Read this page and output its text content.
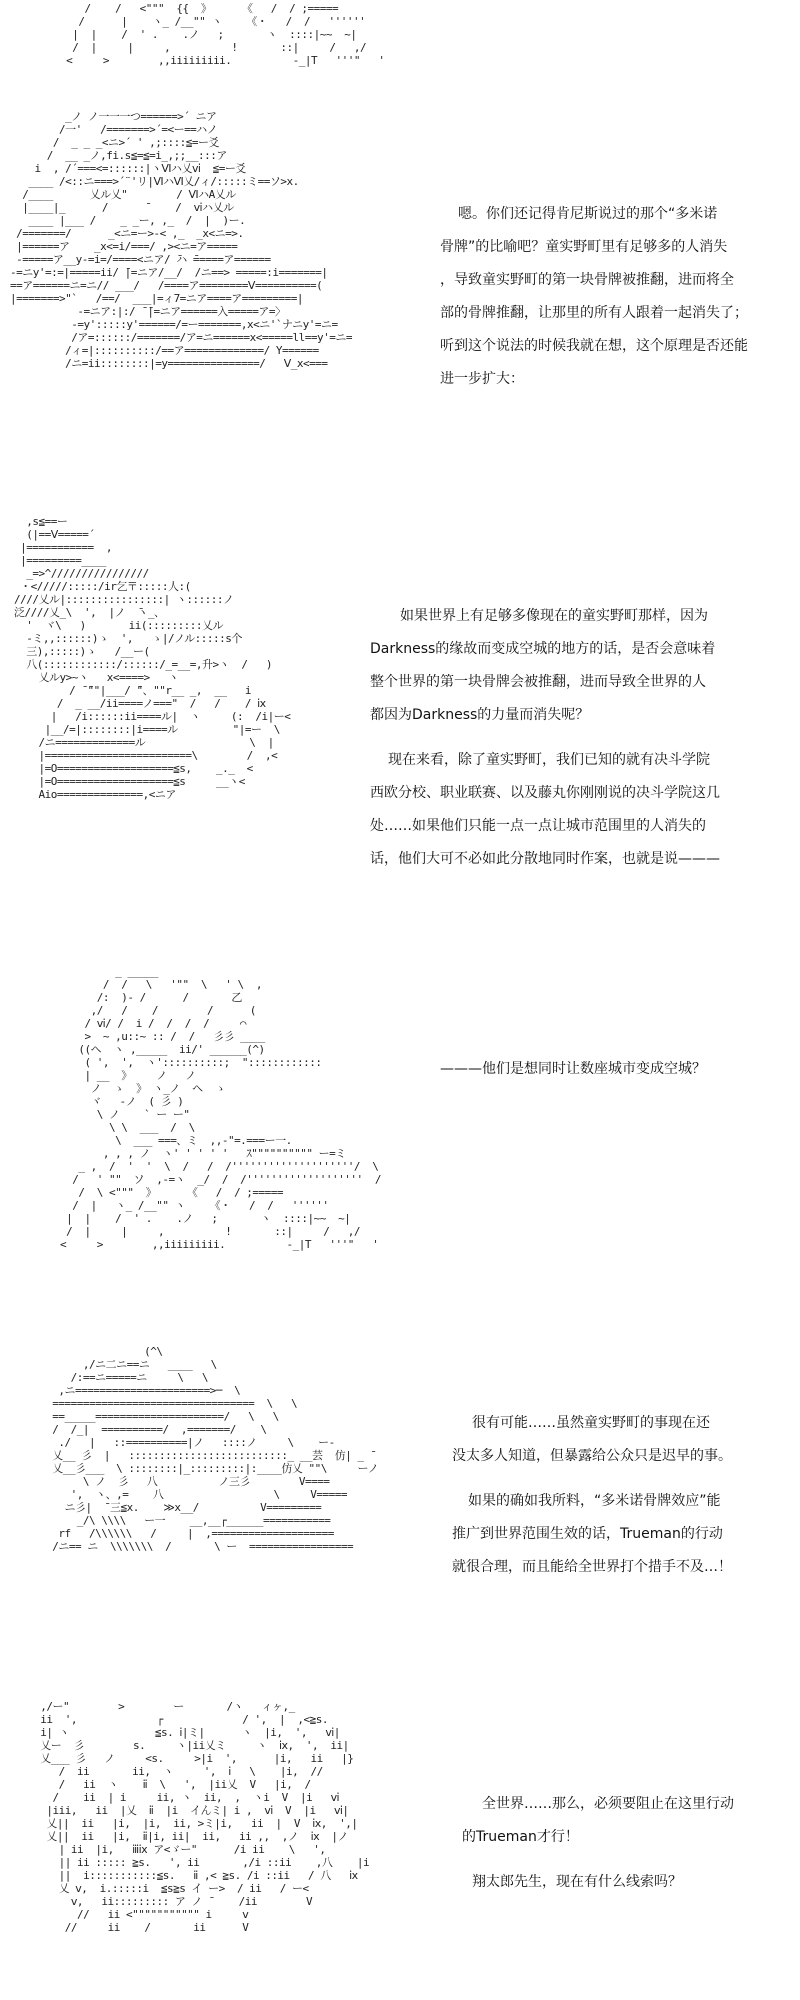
/    /   <"""  {{  》     《   /  / ;=====
/      |    ヽ_ /__"" ヽ    《・   /  /   ''''''
|  |    /  ' .    .ノ   ;       ヽ  ::::|~~  ~|
/  |     |     ,          !       ::|     /   ,/
<     >        ,,iiiiiiiii.          -_|T   '''"   '
_ノ ノ一一一つ======>´ ニア
/一'   /=======>´=<ー==ハノ
/  _ _ _<ニ>´ ' ,;::::≦=ー爻
/  __ _ノ,fi.s≦=≦=i_,;;__:::ア
i  , /´===<=::::::|ヽⅥハ乂ⅵ  ≦=ー爻
____ /<::ニ===>´¨'リ|ⅥハⅥ乂/ィ/:::::ミ==ソ>x.
/____      乂ル乂"        / ⅥハA乂ル
|____|_      /      ̄     /  ⅵハ乂ル
____ |___ /    _ _ー, ,_  /  |  )ー.
/=======/      _<ニ=ー>-< ,_  _x<ニ=>.
|======ア    _x<=i/===/ ,><ニ=ア=====
-=====ア__y-=i=/====<ニア/ ̄ハ ̄=====ア======
-=ニy'=:=|=====ii/ ̄|=ニア/__/  /ニ==> =====:i=======|
==ア======ニ=ニ// ___/   /====ア========Ⅴ==========(
|=======>"`   /==/  ___|=ィ7=ニア====ア=========|
-=ニア:|:/ ̄ ̄|=ニア======入=====ア=〉
-=y':::::y'======/=ー=======,x<ニ'`ナニy'=ニ=
/ア=::::::/=======/ア=ニ======x<=====ll==y'=ニ=
/ィ=|::::::::::/==ア=============/ Y======
/ニ=ii::::::::|=y===============/   Ⅴ_x<===

嗯。你们还记得肯尼斯说过的那个“多米诺

骨牌”的比喻吧？童实野町里有足够多的人消失

，导致童实野町的第一块骨牌被推翻，进而将全

部的骨牌推翻，让那里的所有人跟着一起消失了；

听到这个说法的时候我就在想，这个原理是否还能

进一步扩大：

,s≦==ー
(|==Ⅴ=====´
|===========  ,
|=========____
_=>^////////////////
・</////:::::/ir乞〒:::::人:(
////乂ル|::::::::::::::::| ヽ::::::ノ
泛////乂_\  ',  |ノ  ̄ヽ_、
'  ヾ\   )       ii(:::::::::乂ル
-ミ,,::::::)ゝ  ',   ゝ|/ノル:::::s个
三),:::::)ゝ   /__ー(
八(::::::::::::/::::::/_=__=,升>ヽ  /   )
乂ルy>~ヽ   x<====>   ヽ
/ ̄ ̄""|___/ ̄"、""r__ _,  __   i
/  _ __/ii====ノ==="  /   /    / ⅸ
|   /i::::::ii====ル|  ヽ     (:  /i|ー<
|__/=|::::::::|i====ル         "|=ー  \
/ニ=============ル                 \  |
|========================\        /  ,<
|=O===================≦s,    _._  <
|=O===================≦s     __ヽ<
Aio==============,<ニア

如果世界上有足够多像现在的童实野町那样，因为

Darkness的缘故而变成空城的地方的话，是否会意味着

整个世界的第一块骨牌会被推翻，进而导致全世界的人

都因为Darkness的力量而消失呢？

现在来看，除了童实野町，我们已知的就有决斗学院

西欧分校、职业联赛、以及藤丸你刚刚说的决斗学院这几

处……如果他们只能一点一点让城市范围里的人消失的

话，他们大可不必如此分散地同时作案，也就是说———

_ _____
/  /   \   '""  \   ' \  ,
/:  )- /      /       乙
,/   /    /        /      (
/ ⅵ/ /  i /  /  /  /     ⌒
>  ~ ,u::~ :: /  /   彡彡 ____
((ヘ  ヽ ,_____  ii/' ______(^)
( ',  ',  ヽ'::::::::::;  "::::::::::::
| __  》    ノ   ノ
ノ  ゝ  》 ヽ_ノ  ヘ  ゝ
ヾ   -ノ  ( 彡 )
\ ノ    ` ー ー"
\ \  ___  /  \
\  ___ ===、ミ  ,,-"=.===ー一.
, , , ノ  ヽ' ' ' ' '   ｽ"""""""""" ー=ミ
_ ,  /  '  '  \  /   /  /''''''''''''''''''''/  \
/   ' ""  ソ  ,-=ヽ  _/  /  /'''''''''''''''''''  /
/  \ <"""  》     《   /  / ;=====
/  |   ヽ_ /__"" ヽ    《・   /  /   ''''''
|  |    /  ' .    .ノ   ;       ヽ  ::::|~~  ~|
/  |     |     ,          !       ::|     /   ,/
<     >        ,,iiiiiiiii.          -_|T   '''"   '

———他们是想同时让数座城市变成空城？

(^\
,/ニ二ニ==ニ   ____   \
/:==ニ=====ニ     \   \
,ニ======================>─  \
=================================  \   \
==_____=====================/   \   \
/  /_|  ==========/  ,=======/    \
./   |   ::==========|ノ   ::::ノ     \    ー-
乂__ 彡  |   ::::::::::::::::::::::::::_ __芸  仿| _ ̄
乂__彡___  \ ::::::::|_:::::::::|:____仿乂 ""\     ーノ
\ ノ  彡   八          ノ三彡        V====
',  ヽ、,=    八                  \     V=====
ニ彡|  ̄ 三≦x.    ≫x__/          V=========
_/\ \\\\   ー一    __,__┌______===========
rf   /\\\\\\   /     |  ,====================
/ニ== ニ  \\\\\\\  /       \ ー  =================

很有可能……虽然童实野町的事现在还

没太多人知道，但暴露给公众只是迟早的事。

如果的确如我所料，“多米诺骨牌效应”能

推广到世界范围生效的话，Trueman的行动

就很合理，而且能给全世界打个措手不及…！

,/ー"        >        ー       /ヽ   ィヶ,_
ii  ',             ┌             / ',  |  ,<≧s.
i| ヽ              ≦s. ⅰ|ミ|      ヽ  |i,  ',   ⅵ|
乂ー  彡        s.     ヽ|ii乂ミ     ヽ  ⅸ,  ',  ii|
乂___ 彡   ノ     <s.     >|i  ',      |i,   ii   |}
/  ii       ii,  ヽ     ',  ⅰ   \    |i,  //
/   ii  ヽ    ⅱ  \   ',  |ii乂  V   |i,  /
/    ii  | i     ii, ヽ  ii,  ,  ヽi  V  |i   ⅵ
|iii,   ii  |乂  ⅱ  |i  イんミ| i ,  ⅵ  V  |i   ⅵ|
乂||  ii   |i,  |i,  ii, >ミ|i,   ii  |  V  ⅸ,  ',|
乂||  ii   |i,  ⅱ|i, ii|  ii,   ii ,,  ,ノ  ⅸ  |ノ
| ii  |i,   ⅲⅸ ア<ゞー"      /i ii    \   ',
|| ii ::::: ≧s.   ', ii       ,/i ::ii    ,八    |i
||  i:::::::::::≦s.   ⅱ ,< ≧s. /i ::ii   / 八   ⅸ
乂 ⅴ,  i.:::::i  ≦s≧s イ ー>  / ii   / ー<
ⅴ,   ii::::::::: ア ノ ̄     /ii        V
//   ii <""""""""""" i     ⅴ
//     ii    /       ii      V

全世界……那么，必须要阻止在这里行动

的Trueman才行！

翔太郎先生，现在有什么线索吗？
